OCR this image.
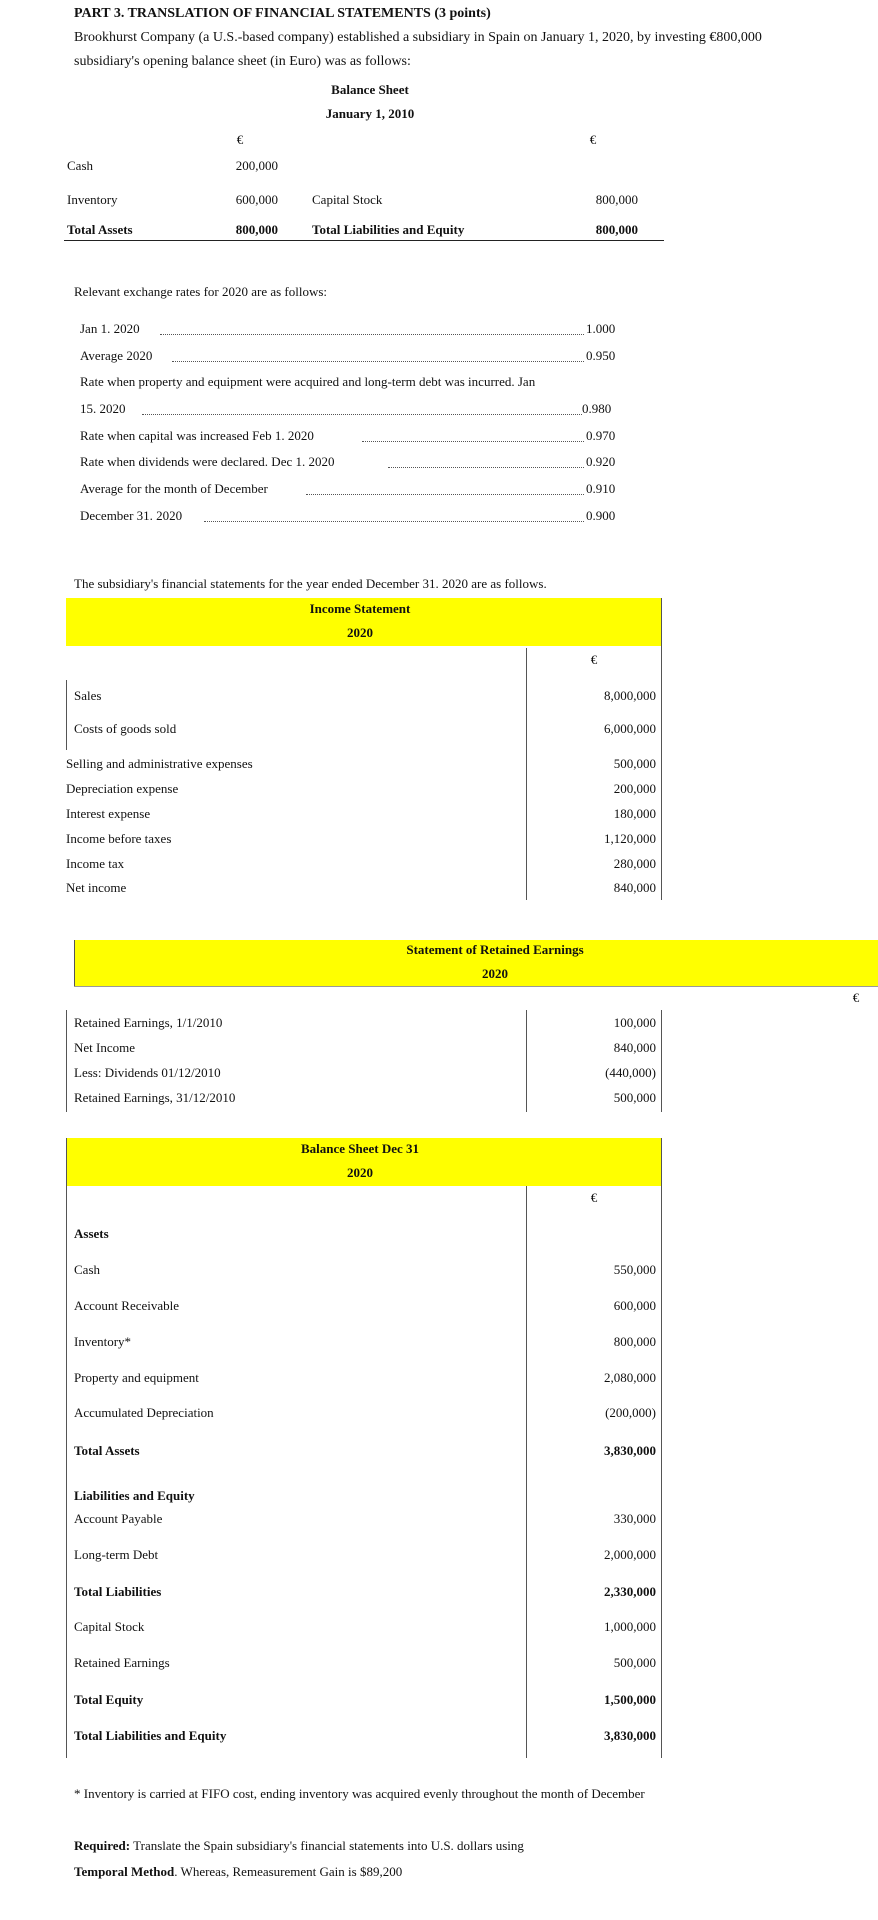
PART 3. TRANSLATION OF FINANCIAL STATEMENTS (3 points)
Brookhurst Company (a U.S.-based company) established a subsidiary in Spain on January 1, 2020, by investing €800,000
subsidiary's opening balance sheet (in Euro) was as follows:
Balance Sheet
January 1, 2010
€	€
Cash	200,000
Inventory	600,000	Capital Stock	800,000
Total Assets	800,000	Total Liabilities and Equity	800,000
Relevant exchange rates for 2020 are as follows:
Jan 1. 2020	1.000
Average 2020	0.950
Rate when property and equipment were acquired and long-term debt was incurred. Jan
15. 2020	0.980
Rate when capital was increased Feb 1. 2020	0.970
Rate when dividends were declared. Dec 1. 2020	0.920
Average for the month of December	0.910
December 31. 2020	0.900
The subsidiary's financial statements for the year ended December 31. 2020 are as follows.
Income Statement
2020
€
Sales	8,000,000
Costs of goods sold	6,000,000
Selling and administrative expenses	500,000
Depreciation expense	200,000
Interest expense	180,000
Income before taxes	1,120,000
Income tax	280,000
Net income	840,000
Statement of Retained Earnings
2020
€
Retained Earnings, 1/1/2010	100,000
Net Income	840,000
Less: Dividends 01/12/2010	(440,000)
Retained Earnings, 31/12/2010	500,000
Balance Sheet Dec 31
2020
€
Assets
Cash	550,000
Account Receivable	600,000
Inventory*	800,000
Property and equipment	2,080,000
Accumulated Depreciation	(200,000)
Total Assets	3,830,000
Liabilities and Equity
Account Payable	330,000
Long-term Debt	2,000,000
Total Liabilities	2,330,000
Capital Stock	1,000,000
Retained Earnings	500,000
Total Equity	1,500,000
Total Liabilities and Equity	3,830,000
* Inventory is carried at FIFO cost, ending inventory was acquired evenly throughout the month of December
Required: Translate the Spain subsidiary's financial statements into U.S. dollars using
Temporal Method. Whereas, Remeasurement Gain is $89,200
